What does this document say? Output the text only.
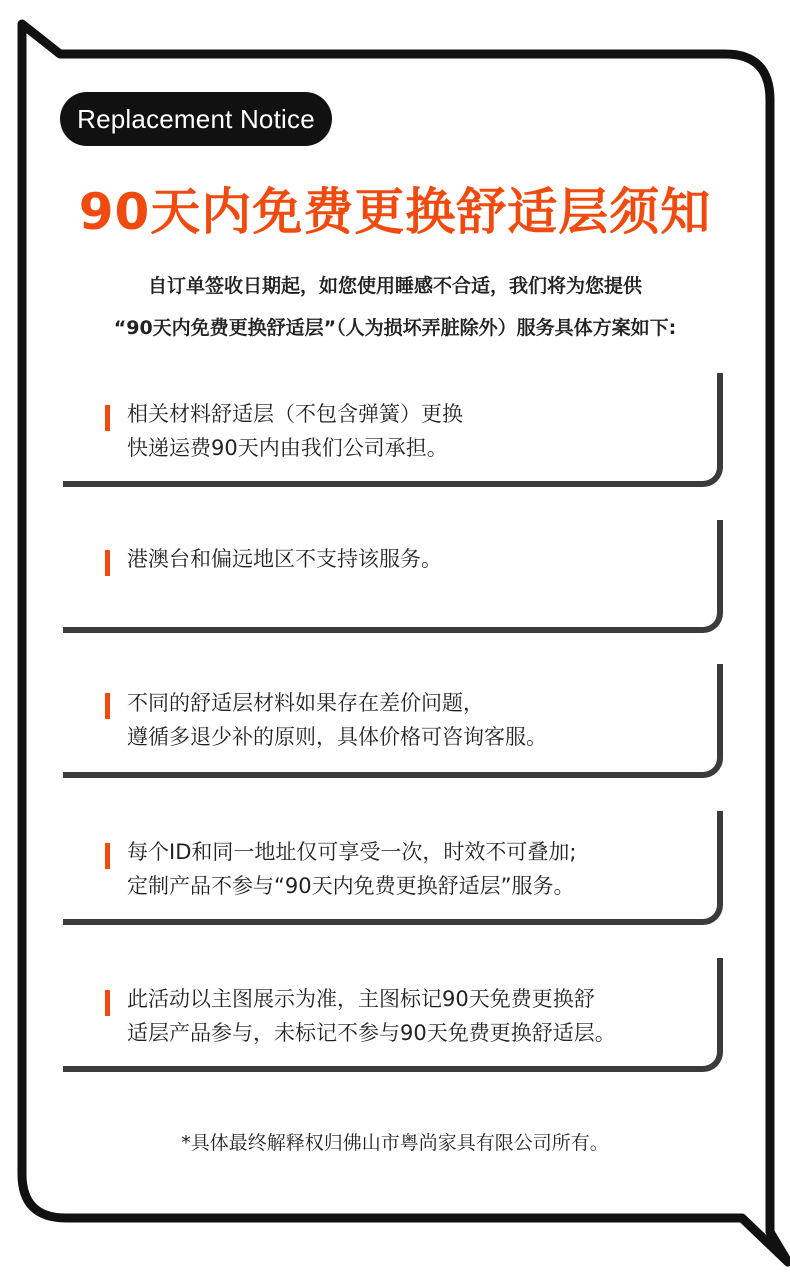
Replacement Notice
90天内免费更换舒适层须知
自订单签收日期起，如您使用睡感不合适，我们将为您提供
“90天内免费更换舒适层”（人为损坏弄脏除外）服务具体方案如下:
相关材料舒适层（不包含弹簧）更换
快递运费90天内由我们公司承担。
港澳台和偏远地区不支持该服务。
不同的舒适层材料如果存在差价问题，
遵循多退少补的原则，具体价格可咨询客服。
每个ID和同一地址仅可享受一次，时效不可叠加;
定制产品不参与“90天内免费更换舒适层”服务。
此活动以主图展示为准，主图标记90天免费更换舒
适层产品参与，未标记不参与90天免费更换舒适层。
*具体最终解释权归佛山市粤尚家具有限公司所有。
